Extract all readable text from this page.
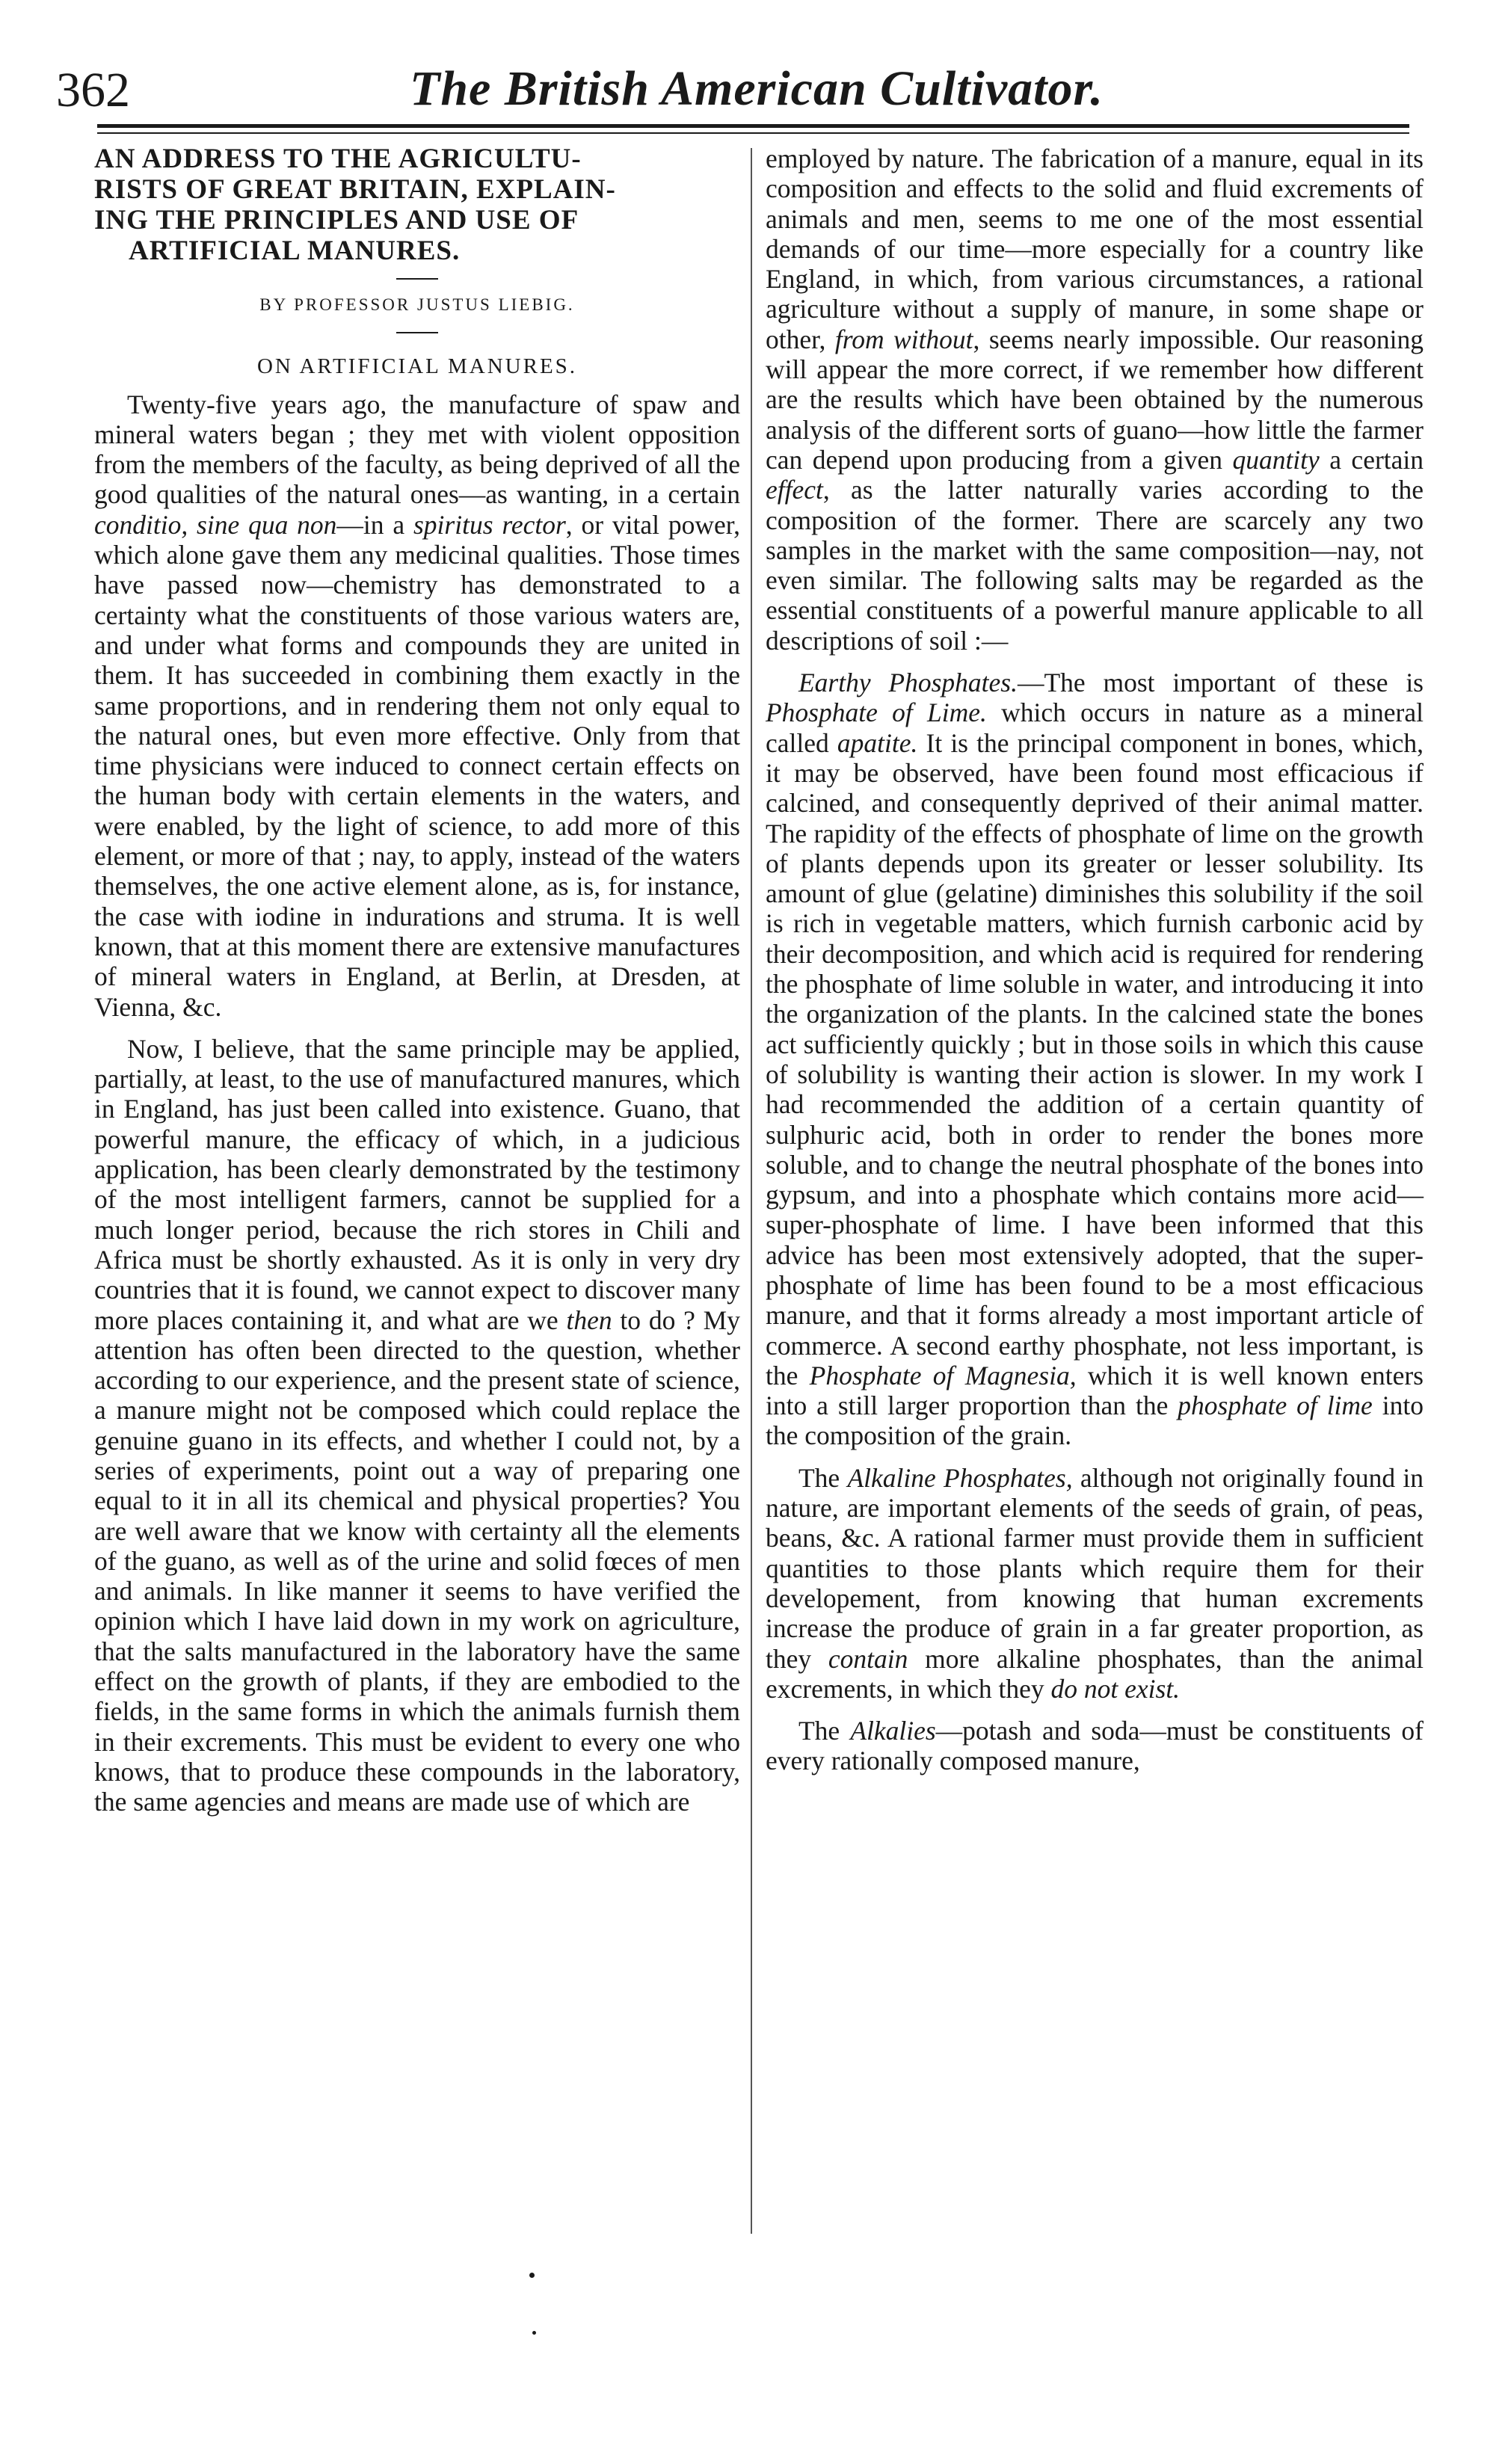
362	The British American Cultivator.
AN ADDRESS TO THE AGRICULTU-
RISTS OF GREAT BRITAIN, EXPLAIN-
ING THE PRINCIPLES AND USE OF
ARTIFICIAL MANURES.
BY PROFESSOR JUSTUS LIEBIG.
ON ARTIFICIAL MANURES.

Twenty-five years ago, the manufacture of spaw and mineral waters began ; they met with violent opposition from the members of the faculty, as being deprived of all the good qualities of the natural ones—as wanting, in a certain conditio, sine qua non—in a spiritus rector, or vital power, which alone gave them any medicinal qualities. Those times have passed now—chemistry has demonstrated to a certainty what the constituents of those various waters are, and under what forms and compounds they are united in them. It has succeeded in combining them exactly in the same proportions, and in rendering them not only equal to the natural ones, but even more effective. Only from that time physicians were induced to connect certain effects on the human body with certain elements in the waters, and were enabled, by the light of science, to add more of this element, or more of that ; nay, to apply, instead of the waters themselves, the one active element alone, as is, for instance, the case with iodine in indurations and struma. It is well known, that at this moment there are extensive manufactures of mineral waters in England, at Berlin, at Dresden, at Vienna, &c.

Now, I believe, that the same principle may be applied, partially, at least, to the use of manufactured manures, which in England, has just been called into existence. Guano, that powerful manure, the efficacy of which, in a judicious application, has been clearly demonstrated by the testimony of the most intelligent farmers, cannot be supplied for a much longer period, because the rich stores in Chili and Africa must be shortly exhausted. As it is only in very dry countries that it is found, we cannot expect to discover many more places containing it, and what are we then to do ? My attention has often been directed to the question, whether according to our experience, and the present state of science, a manure might not be composed which could replace the genuine guano in its effects, and whether I could not, by a series of experiments, point out a way of preparing one equal to it in all its chemical and physical properties? You are well aware that we know with certainty all the elements of the guano, as well as of the urine and solid fœces of men and animals. In like manner it seems to have verified the opinion which I have laid down in my work on agriculture, that the salts manufactured in the laboratory have the same effect on the growth of plants, if they are embodied to the fields, in the same forms in which the animals furnish them in their excrements. This must be evident to every one who knows, that to produce these compounds in the laboratory, the same agencies and means are made use of which are

employed by nature. The fabrication of a manure, equal in its composition and effects to the solid and fluid excrements of animals and men, seems to me one of the most essential demands of our time—more especially for a country like England, in which, from various circumstances, a rational agriculture without a supply of manure, in some shape or other, from without, seems nearly impossible. Our reasoning will appear the more correct, if we remember how different are the results which have been obtained by the numerous analysis of the different sorts of guano—how little the farmer can depend upon producing from a given quantity a certain effect, as the latter naturally varies according to the composition of the former. There are scarcely any two samples in the market with the same composition—nay, not even similar. The following salts may be regarded as the essential constituents of a powerful manure applicable to all descriptions of soil :—

Earthy Phosphates.—The most important of these is Phosphate of Lime. which occurs in nature as a mineral called apatite. It is the principal component in bones, which, it may be observed, have been found most efficacious if calcined, and consequently deprived of their animal matter. The rapidity of the effects of phosphate of lime on the growth of plants depends upon its greater or lesser solubility. Its amount of glue (gelatine) diminishes this solubility if the soil is rich in vegetable matters, which furnish carbonic acid by their decomposition, and which acid is required for rendering the phosphate of lime soluble in water, and introducing it into the organization of the plants. In the calcined state the bones act sufficiently quickly ; but in those soils in which this cause of solubility is wanting their action is slower. In my work I had recommended the addition of a certain quantity of sulphuric acid, both in order to render the bones more soluble, and to change the neutral phosphate of the bones into gypsum, and into a phosphate which contains more acid—super-phosphate of lime. I have been informed that this advice has been most extensively adopted, that the super-phosphate of lime has been found to be a most efficacious manure, and that it forms already a most important article of commerce. A second earthy phosphate, not less important, is the Phosphate of Magnesia, which it is well known enters into a still larger proportion than the phosphate of lime into the composition of the grain.

The Alkaline Phosphates, although not originally found in nature, are important elements of the seeds of grain, of peas, beans, &c. A rational farmer must provide them in sufficient quantities to those plants which require them for their developement, from knowing that human excrements increase the produce of grain in a far greater proportion, as they contain more alkaline phosphates, than the animal excrements, in which they do not exist.

The Alkalies—potash and soda—must be constituents of every rationally composed manure,
